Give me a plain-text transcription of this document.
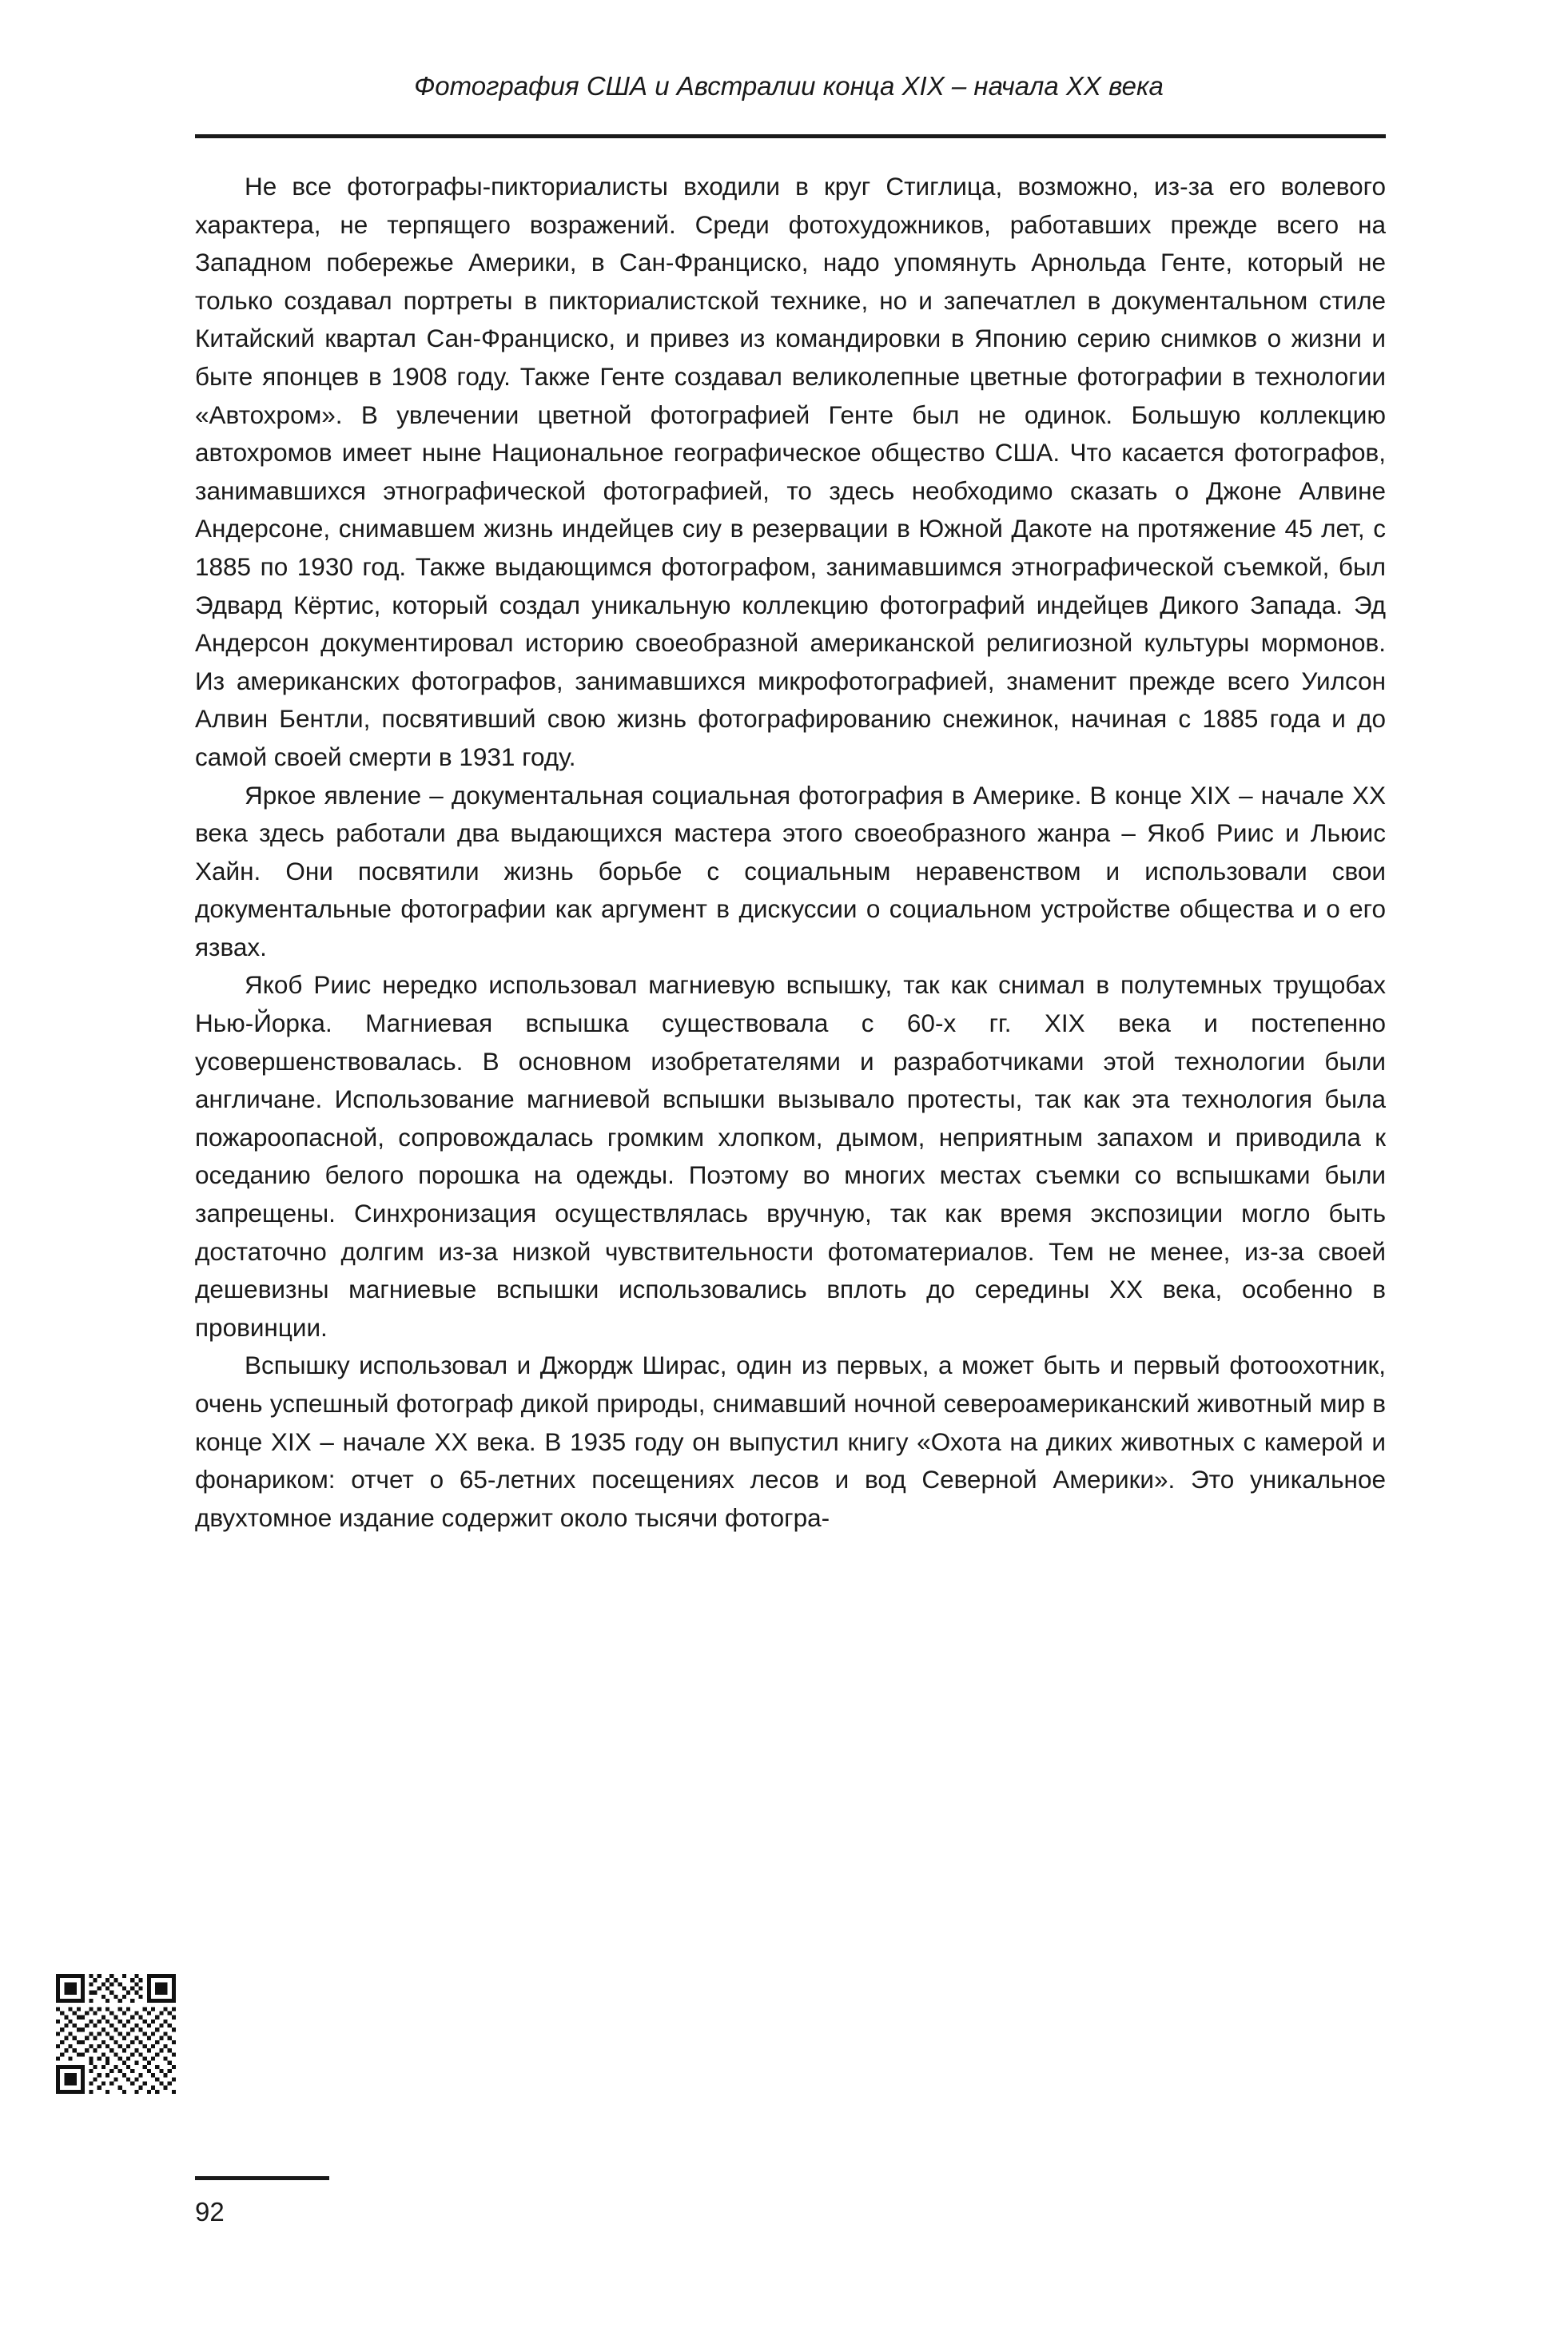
Фотография США и Австралии конца XIX – начала XX века

Не все фотографы-пикториалисты входили в круг Стиглица, возможно, из-за его волевого характера, не терпящего возражений. Среди фотохудожников, работавших прежде всего на Западном побережье Америки, в Сан-Франциско, надо упомянуть Арнольда Генте, который не только создавал портреты в пикториалистской технике, но и запечатлел в документальном стиле Китайский квартал Сан-Франциско, и привез из командировки в Японию серию снимков о жизни и быте японцев в 1908 году. Также Генте создавал великолепные цветные фотографии в технологии «Автохром». В увлечении цветной фотографией Генте был не одинок. Большую коллекцию автохромов имеет ныне Национальное географическое общество США. Что касается фотографов, занимавшихся этнографической фотографией, то здесь необходимо сказать о Джоне Алвине Андерсоне, снимавшем жизнь индейцев сиу в резервации в Южной Дакоте на протяжение 45 лет, с 1885 по 1930 год. Также выдающимся фотографом, занимавшимся этнографической съемкой, был Эдвард Кёртис, который создал уникальную коллекцию фотографий индейцев Дикого Запада. Эд Андерсон документировал историю своеобразной американской религиозной культуры мормонов. Из американских фотографов, занимавшихся микрофотографией, знаменит прежде всего Уилсон Алвин Бентли, посвятивший свою жизнь фотографированию снежинок, начиная с 1885 года и до самой своей смерти в 1931 году.

Яркое явление – документальная социальная фотография в Америке. В конце XIX – начале XX века здесь работали два выдающихся мастера этого своеобразного жанра – Якоб Риис и Льюис Хайн. Они посвятили жизнь борьбе с социальным неравенством и использовали свои документальные фотографии как аргумент в дискуссии о социальном устройстве общества и о его язвах.

Якоб Риис нередко использовал магниевую вспышку, так как снимал в полутемных трущобах Нью-Йорка. Магниевая вспышка существовала с 60-х гг. XIX века и постепенно усовершенствовалась. В основном изобретателями и разработчиками этой технологии были англичане. Использование магниевой вспышки вызывало протесты, так как эта технология была пожароопасной, сопровождалась громким хлопком, дымом, неприятным запахом и приводила к оседанию белого порошка на одежды. Поэтому во многих местах съемки со вспышками были запрещены. Синхронизация осуществлялась вручную, так как время экспозиции могло быть достаточно долгим из-за низкой чувствительности фотоматериалов. Тем не менее, из-за своей дешевизны магниевые вспышки использовались вплоть до середины XX века, особенно в провинции.

Вспышку использовал и Джордж Ширас, один из первых, а может быть и первый фотоохотник, очень успешный фотограф дикой природы, снимавший ночной североамериканский животный мир в конце XIX – начале XX века. В 1935 году он выпустил книгу «Охота на диких животных с камерой и фонариком: отчет о 65-летних посещениях лесов и вод Северной Америки». Это уникальное двухтомное издание содержит около тысячи фотогра-

92
